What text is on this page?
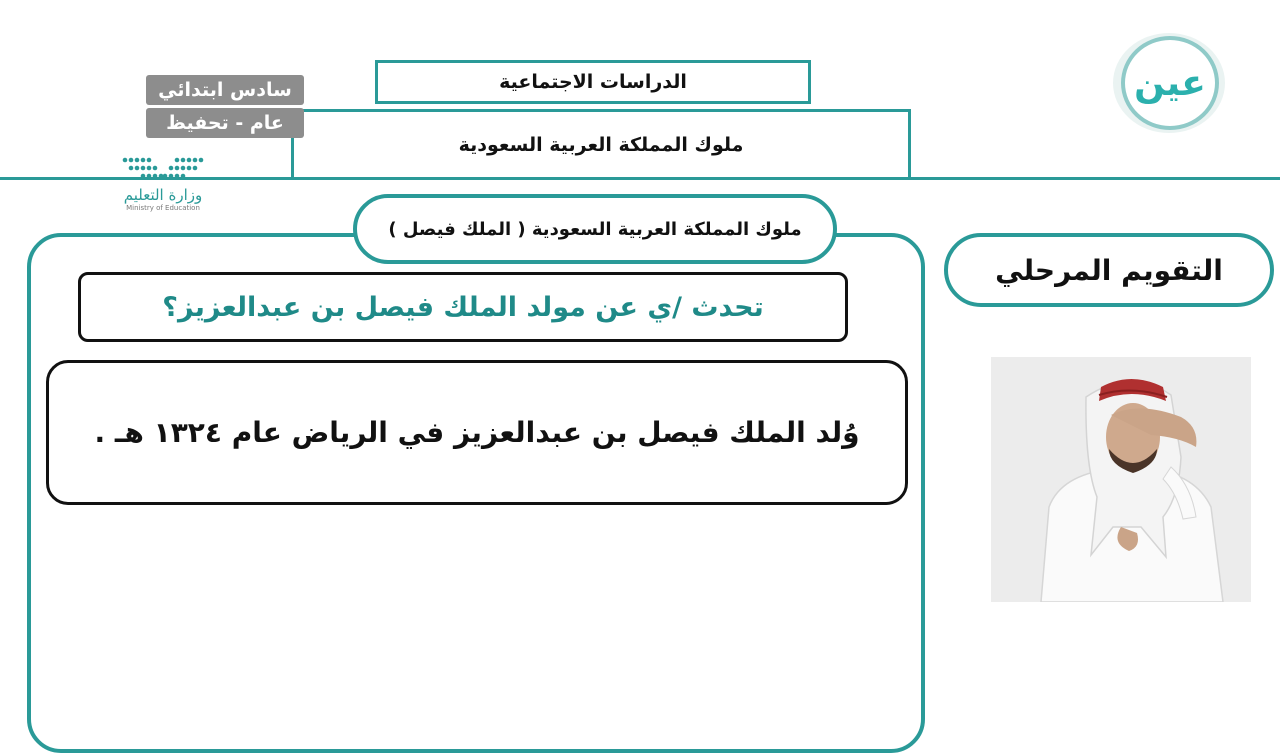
الدراسات الاجتماعية
ملوك المملكة العربية السعودية
سادس ابتدائي
عام - تحفيظ
وزارة التعليم
Ministry of Education
عين
ملوك المملكة العربية السعودية ( الملك فيصل )
تحدث /ي عن مولد الملك فيصل بن عبدالعزيز؟
وُلد الملك فيصل بن عبدالعزيز في الرياض عام ١٣٢٤ هـ .
التقويم المرحلي
